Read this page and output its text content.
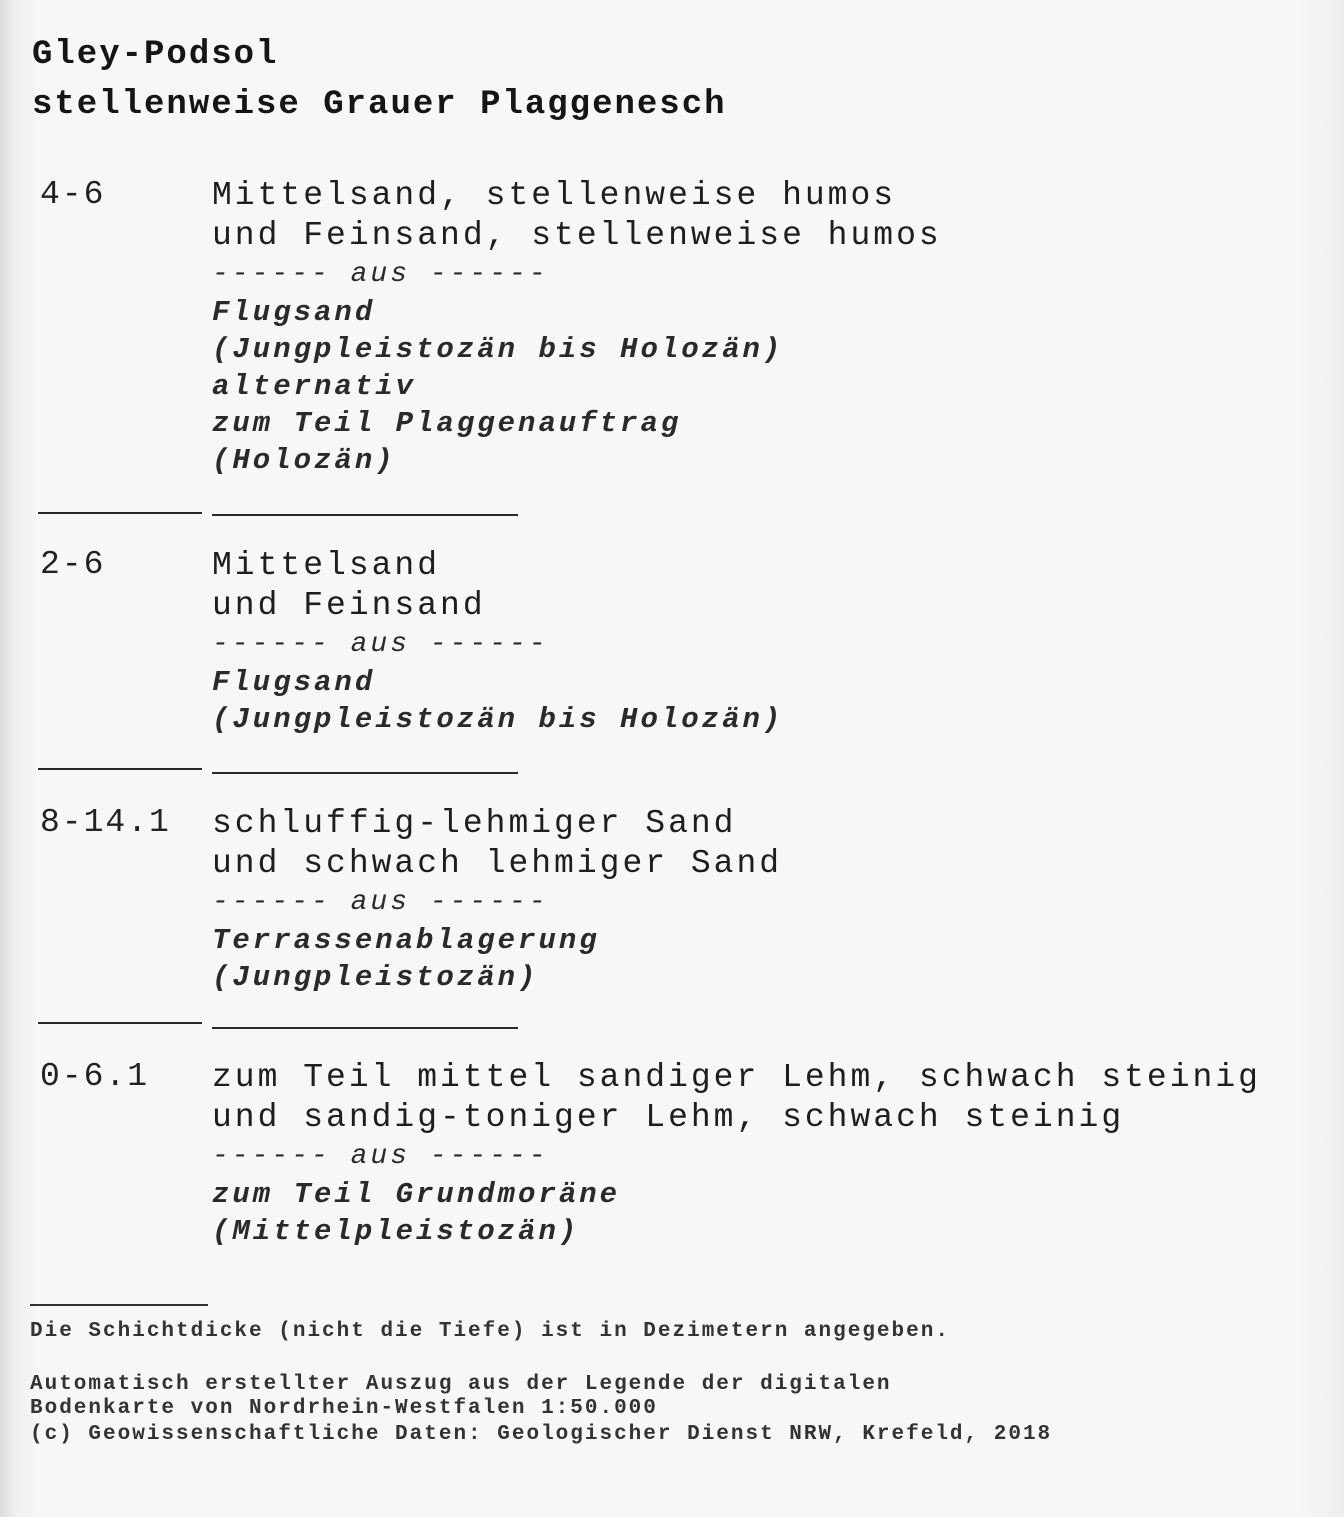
Gley-Podsol
stellenweise Grauer Plaggenesch
4-6	Mittelsand, stellenweise humos
und Feinsand, stellenweise humos
------ aus ------
Flugsand
(Jungpleistozän bis Holozän)
alternativ
zum Teil Plaggenauftrag
(Holozän)
2-6	Mittelsand
und Feinsand
------ aus ------
Flugsand
(Jungpleistozän bis Holozän)
8-14.1 schluffig-lehmiger Sand
und schwach lehmiger Sand
------ aus ------
Terrassenablagerung
(Jungpleistozän)
0-6.1 zum Teil mittel sandiger Lehm, schwach steinig
und sandig-toniger Lehm, schwach steinig
------ aus ------
zum Teil Grundmoräne
(Mittelpleistozän)
Die Schichtdicke (nicht die Tiefe) ist in Dezimetern angegeben.
Automatisch erstellter Auszug aus der Legende der digitalen
Bodenkarte von Nordrhein-Westfalen 1:50.000
(c) Geowissenschaftliche Daten: Geologischer Dienst NRW, Krefeld, 2018
